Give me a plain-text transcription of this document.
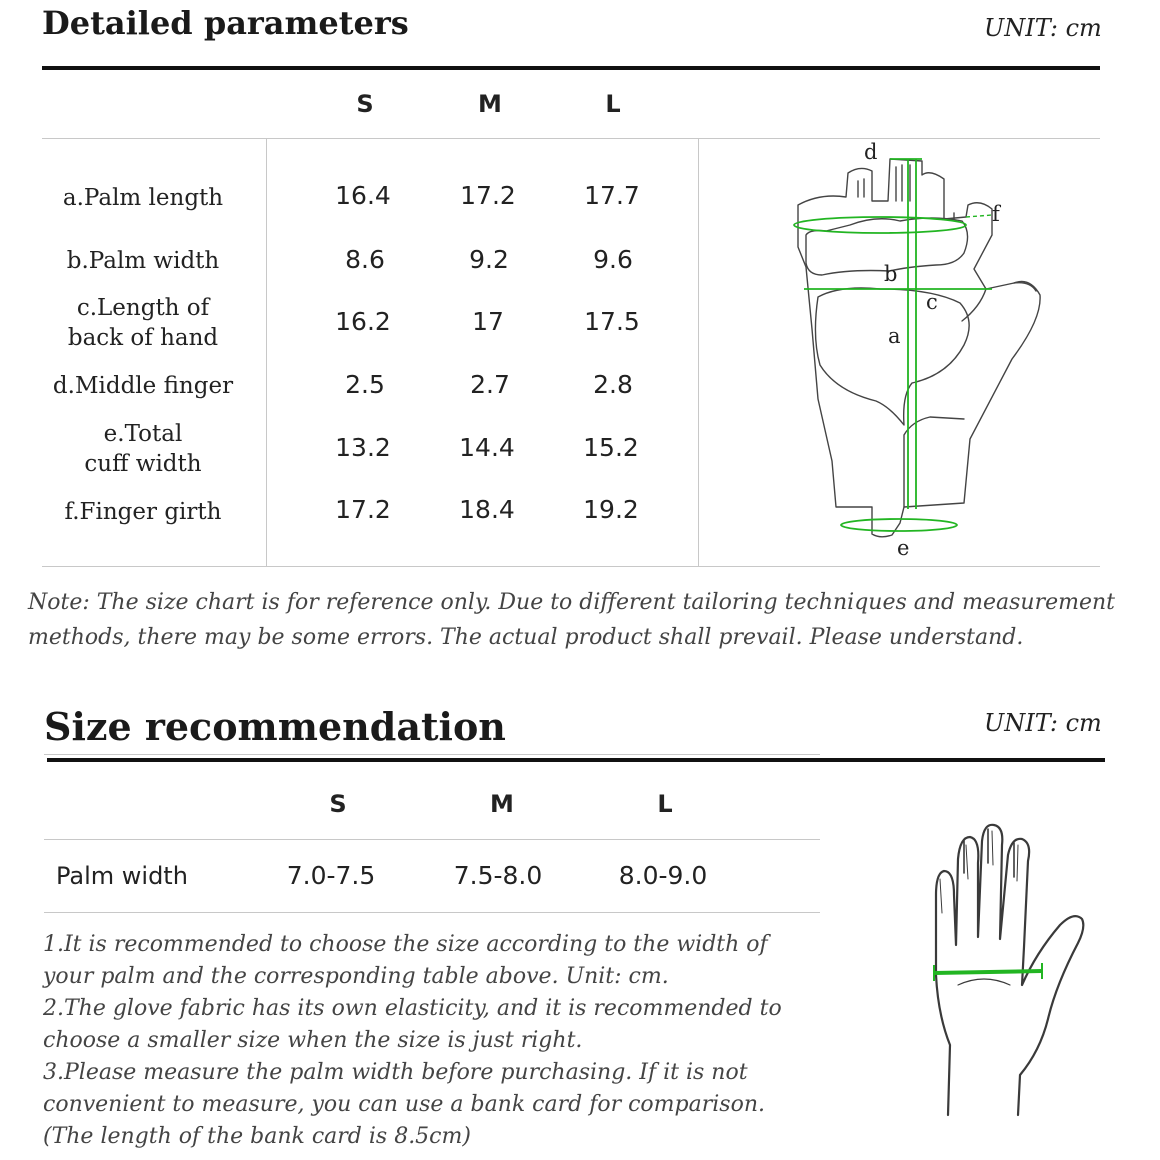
Detailed parameters	UNIT: cm
S	M	L
a.Palm length	16.4	17.2	17.7
b.Palm width	8.6	9.2	9.6
c.Length of
back of hand
16.2	17	17.5
d.Middle finger	2.5	2.7	2.8
e.Total
cuff width
13.2	14.4	15.2
f.Finger girth	17.2	18.4	19.2
d
f
b
c
a
e
Note: The size chart is for reference only. Due to different tailoring techniques and measurement
methods, there may be some errors. The actual product shall prevail. Please understand.
Size recommendation	UNIT: cm
S	M	L
Palm width	7.0-7.5	7.5-8.0	8.0-9.0
1.It is recommended to choose the size according to the width of
your palm and the corresponding table above. Unit: cm.
2.The glove fabric has its own elasticity, and it is recommended to
choose a smaller size when the size is just right.
3.Please measure the palm width before purchasing. If it is not
convenient to measure, you can use a bank card for comparison.
(The length of the bank card is 8.5cm)
